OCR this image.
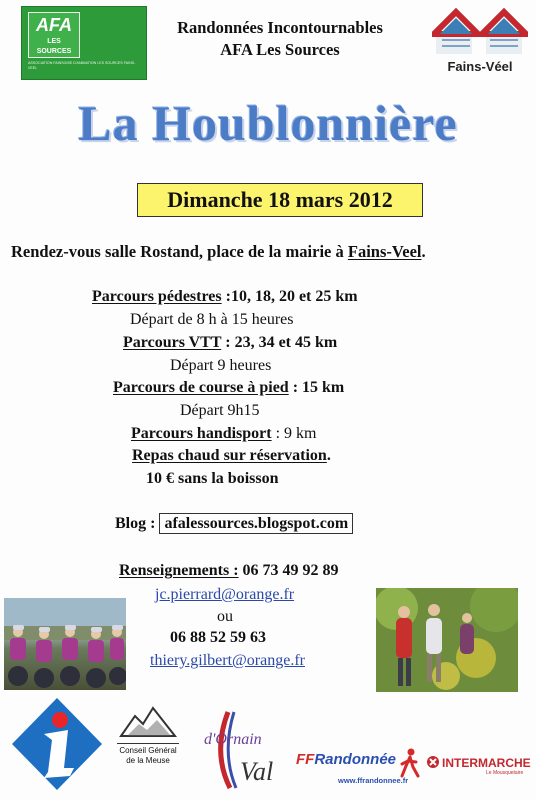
AFA
LES SOURCES
ASSOCIATION FAINSOISE D'ANIMATION LES SOURCES FAINS-VEEL
Randonnées Incontournables
AFA Les Sources
Fains-Véel
La Houblonnière
Dimanche 18 mars 2012
Rendez-vous salle Rostand, place de la mairie à Fains-Veel.
Parcours pédestres :10, 18, 20 et 25 km
Départ de 8 h à 15 heures
Parcours VTT : 23, 34 et 45 km
Départ 9 heures
Parcours de course à pied : 15 km
Départ 9h15
Parcours handisport : 9 km
Repas chaud sur réservation.
10 € sans la boisson
Blog : afalessources.blogspot.com
Renseignements : 06 73 49 92 89
jc.pierrard@orange.fr
ou
06 88 52 59 63
thiery.gilbert@orange.fr
Conseil Général
de la Meuse
d'Ornain
Val FFRandonnée
www.ffrandonnee.fr
INTERMARCHE
Le Mousquetaire
